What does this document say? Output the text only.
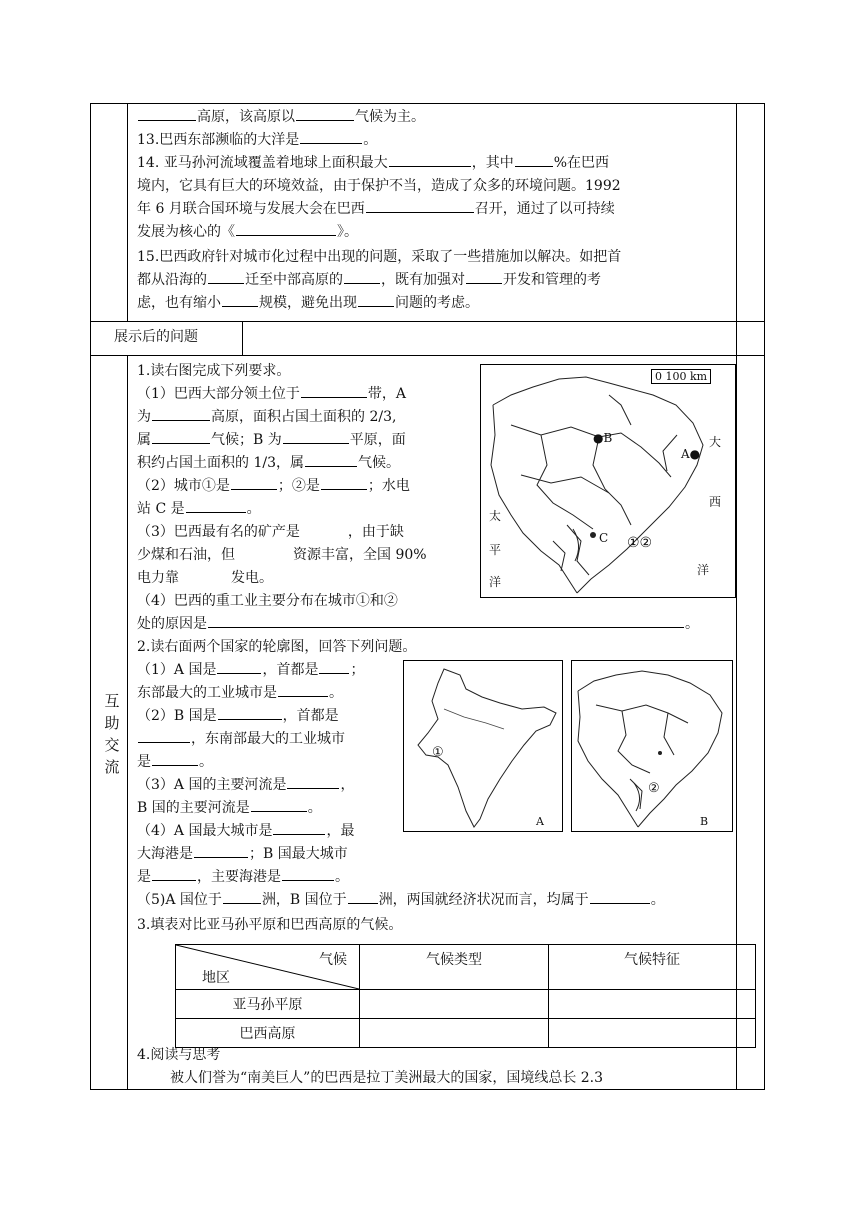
高原，该高原以	气候为主。
13.巴西东部濒临的大洋是	。
14. 亚马孙河流域覆盖着地球上面积最大	，其中	%在巴西
境内，它具有巨大的环境效益，由于保护不当，造成了众多的环境问题。1992
年 6 月联合国环境与发展大会在巴西	召开，通过了以可持续
发展为核心的《	》。
15.巴西政府针对城市化过程中出现的问题，采取了一些措施加以解决。如把首
都从沿海的	迁至中部高原的	，既有加强对	开发和管理的考
虑，也有缩小	规模，避免出现	问题的考虑。
展示后的问题
互助交流
1.读右图完成下列要求。
（1）巴西大部分领土位于	带，A
为	高原，面积占国土面积的 2/3,
属	气候；B 为	平原，面
积约占国土面积的 1/3，属	气候。
（2）城市①是	；②是	；水电
站 C 是	。
（3）巴西最有名的矿产是	，由于缺
少煤和石油，但	资源丰富，全国 90%
电力靠	发电。
（4）巴西的重工业主要分布在城市①和②
处的原因是	。
0 100 km
●B
A●
C ①②
大
西
洋
太
平
洋
2.读右面两个国家的轮廓图，回答下列问题。
（1）A 国是	，首都是 ；
东部最大的工业城市是	。
（2）B 国是	，首都是
，东南部最大的工业城市
是	。
（3）A 国的主要河流是	，
B 国的主要河流是	。
（4）A 国最大城市是	，最
大海港是	；B 国最大城市
是	，主要海港是	。
（5)A 国位于	洲，B 国位于 洲，两国就经济状况而言，均属于	。
①
A
②
B
3.填表对比亚马孙平原和巴西高原的气候。
气候
地区	气候类型	气候特征
亚马孙平原		
巴西高原		
4.阅读与思考
被人们誉为“南美巨人”的巴西是拉丁美洲最大的国家，国境线总长 2.3
